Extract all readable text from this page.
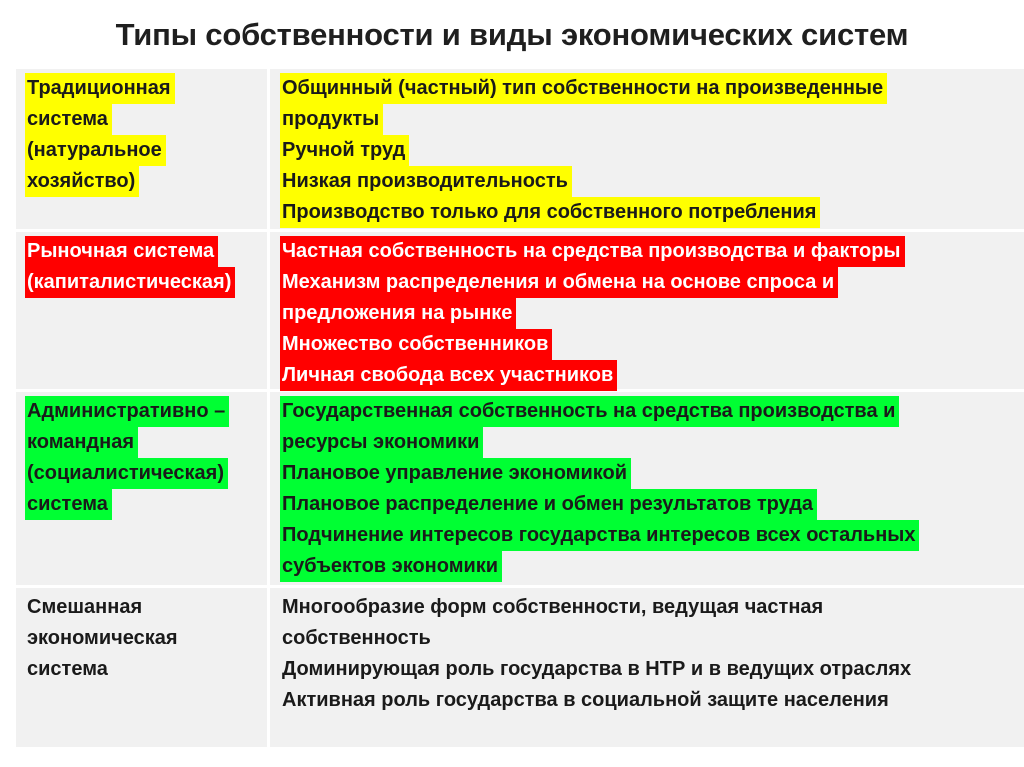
Типы собственности и виды экономических систем
Традиционная
система
(натуральное
хозяйство)
Общинный (частный) тип собственности на произведенные
продукты
Ручной труд
Низкая производительность
Производство только для собственного потребления
Рыночная система
(капиталистическая)
Частная собственность на средства производства и факторы
Механизм распределения и обмена на основе спроса и
предложения на рынке
Множество собственников
Личная свобода всех участников
Административно –
командная
(социалистическая)
система
Государственная собственность на средства производства и
ресурсы экономики
Плановое управление экономикой
Плановое распределение и обмен результатов труда
Подчинение интересов государства интересов всех остальных
субъектов экономики
Смешанная
экономическая
система
Многообразие форм собственности, ведущая частная
собственность
Доминирующая роль государства в НТР и в ведущих отраслях
Активная роль государства в социальной защите населения
